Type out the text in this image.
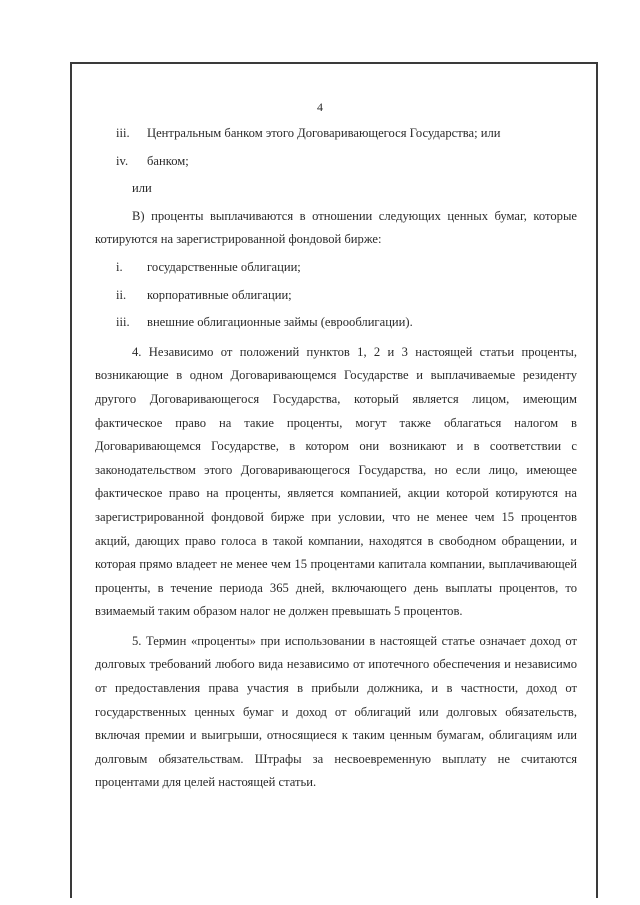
4

iii. Центральным банком этого Договаривающегося Государства; или

iv. банком;

или

B) проценты выплачиваются в отношении следующих ценных бумаг, которые котируются на зарегистрированной фондовой бирже:

i. государственные облигации;

ii. корпоративные облигации;

iii. внешние облигационные займы (еврооблигации).

4. Независимо от положений пунктов 1, 2 и 3 настоящей статьи проценты, возникающие в одном Договаривающемся Государстве и выплачиваемые резиденту другого Договаривающегося Государства, который является лицом, имеющим фактическое право на такие проценты, могут также облагаться налогом в Договаривающемся Государстве, в котором они возникают и в соответствии с законодательством этого Договаривающегося Государства, но если лицо, имеющее фактическое право на проценты, является компанией, акции которой котируются на зарегистрированной фондовой бирже при условии, что не менее чем 15 процентов акций, дающих право голоса в такой компании, находятся в свободном обращении, и которая прямо владеет не менее чем 15 процентами капитала компании, выплачивающей проценты, в течение периода 365 дней, включающего день выплаты процентов, то взимаемый таким образом налог не должен превышать 5 процентов.

5. Термин «проценты» при использовании в настоящей статье означает доход от долговых требований любого вида независимо от ипотечного обеспечения и независимо от предоставления права участия в прибыли должника, и в частности, доход от государственных ценных бумаг и доход от облигаций или долговых обязательств, включая премии и выигрыши, относящиеся к таким ценным бумагам, облигациям или долговым обязательствам. Штрафы за несвоевременную выплату не считаются процентами для целей настоящей статьи.
